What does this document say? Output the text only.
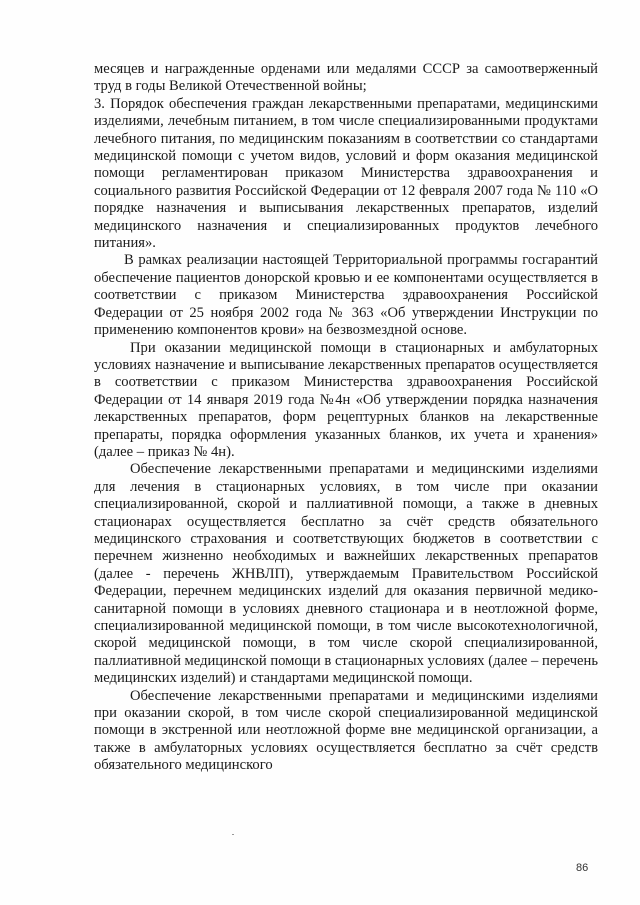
месяцев и награжденные орденами или медалями СССР за самоотверженный труд в годы Великой Отечественной войны;

3. Порядок обеспечения граждан лекарственными препаратами, медицинскими изделиями, лечебным питанием, в том числе специализированными продуктами лечебного питания, по медицинским показаниям в соответствии со стандартами медицинской помощи с учетом видов, условий и форм оказания медицинской помощи регламентирован приказом Министерства здравоохранения и социального развития Российской Федерации от 12 февраля 2007 года № 110 «О порядке назначения и выписывания лекарственных препаратов, изделий медицинского назначения и специализированных продуктов лечебного питания».

В рамках реализации настоящей Территориальной программы госгарантий обеспечение пациентов донорской кровью и ее компонентами осуществляется в соответствии с приказом Министерства здравоохранения Российской Федерации от 25 ноября 2002 года № 363 «Об утверждении Инструкции по применению компонентов крови» на безвозмездной основе.

При оказании медицинской помощи в стационарных и амбулаторных условиях назначение и выписывание лекарственных препаратов осуществляется в соответствии с приказом Министерства здравоохранения Российской Федерации от 14 января 2019 года №4н «Об утверждении порядка назначения лекарственных препаратов, форм рецептурных бланков на лекарственные препараты, порядка оформления указанных бланков, их учета и хранения» (далее – приказ № 4н).

Обеспечение лекарственными препаратами и медицинскими изделиями для лечения в стационарных условиях, в том числе при оказании специализированной, скорой и паллиативной помощи, а также в дневных стационарах осуществляется бесплатно за счёт средств обязательного медицинского страхования и соответствующих бюджетов в соответствии с перечнем жизненно необходимых и важнейших лекарственных препаратов (далее - перечень ЖНВЛП), утверждаемым Правительством Российской Федерации, перечнем медицинских изделий для оказания первичной медико-санитарной помощи в условиях дневного стационара и в неотложной форме, специализированной медицинской помощи, в том числе высокотехнологичной, скорой медицинской помощи, в том числе скорой специализированной, паллиативной медицинской помощи в стационарных условиях (далее – перечень медицинских изделий) и стандартами медицинской помощи.

Обеспечение лекарственными препаратами и медицинскими изделиями при оказании скорой, в том числе скорой специализированной медицинской помощи в экстренной или неотложной форме вне медицинской организации, а также в амбулаторных условиях осуществляется бесплатно за счёт средств обязательного медицинского

86
